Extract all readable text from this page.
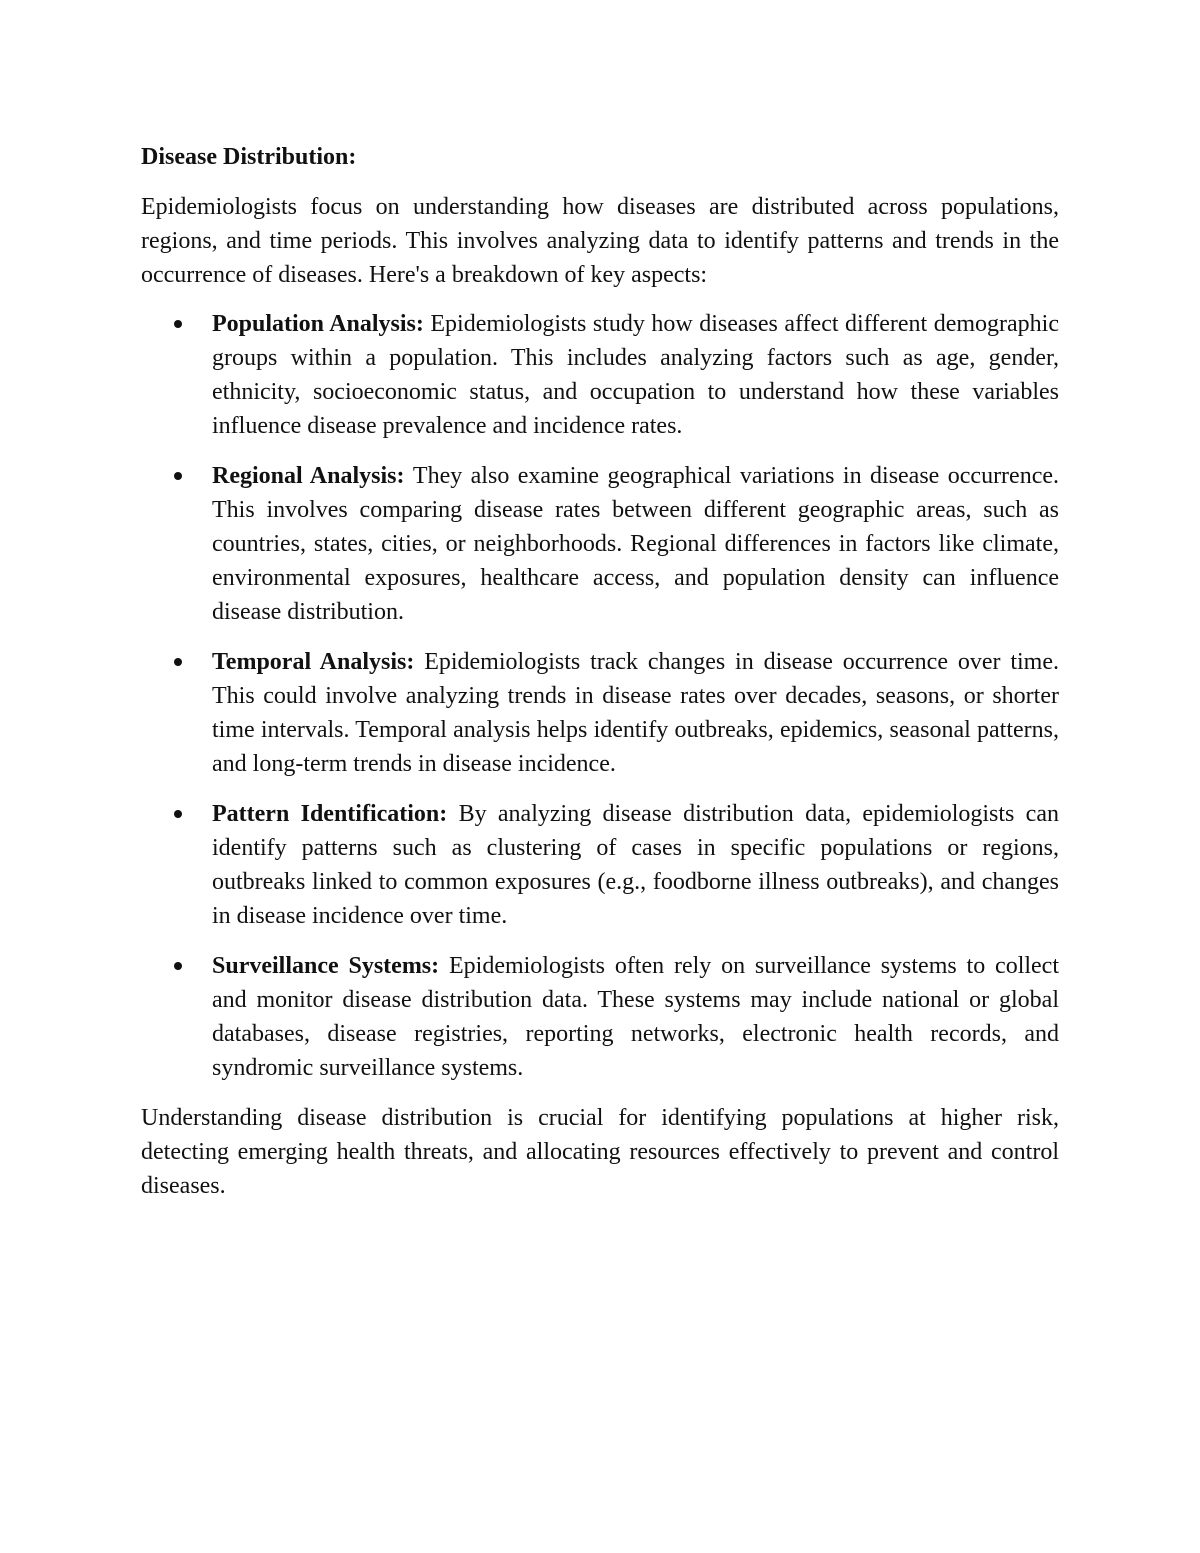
Disease Distribution:

Epidemiologists focus on understanding how diseases are distributed across populations, regions, and time periods. This involves analyzing data to identify patterns and trends in the occurrence of diseases. Here's a breakdown of key aspects:

Population Analysis: Epidemiologists study how diseases affect different demographic groups within a population. This includes analyzing factors such as age, gender, ethnicity, socioeconomic status, and occupation to understand how these variables influence disease prevalence and incidence rates.
Regional Analysis: They also examine geographical variations in disease occurrence. This involves comparing disease rates between different geographic areas, such as countries, states, cities, or neighborhoods. Regional differences in factors like climate, environmental exposures, healthcare access, and population density can influence disease distribution.
Temporal Analysis: Epidemiologists track changes in disease occurrence over time. This could involve analyzing trends in disease rates over decades, seasons, or shorter time intervals. Temporal analysis helps identify outbreaks, epidemics, seasonal patterns, and long-term trends in disease incidence.
Pattern Identification: By analyzing disease distribution data, epidemiologists can identify patterns such as clustering of cases in specific populations or regions, outbreaks linked to common exposures (e.g., foodborne illness outbreaks), and changes in disease incidence over time.
Surveillance Systems: Epidemiologists often rely on surveillance systems to collect and monitor disease distribution data. These systems may include national or global databases, disease registries, reporting networks, electronic health records, and syndromic surveillance systems.

Understanding disease distribution is crucial for identifying populations at higher risk, detecting emerging health threats, and allocating resources effectively to prevent and control diseases.
